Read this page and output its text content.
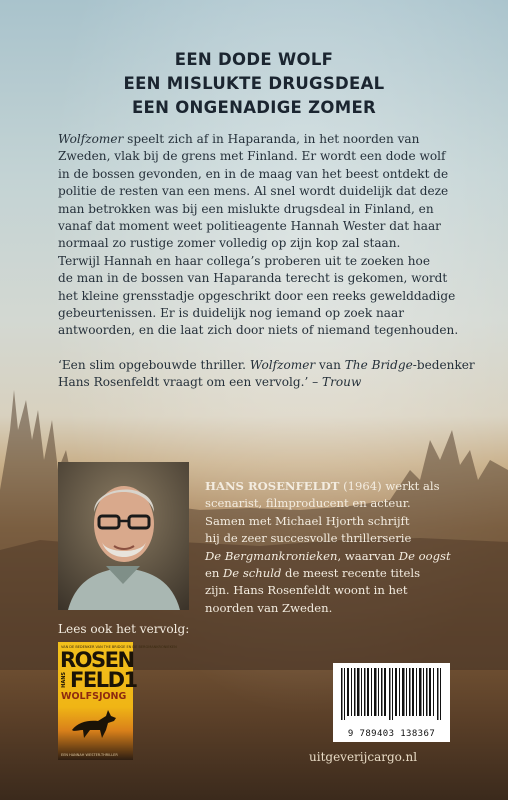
EEN DODE WOLF
EEN MISLUKTE DRUGSDEAL
EEN ONGENADIGE ZOMER
Wolfzomer speelt zich af in Haparanda, in het noorden van
Zweden, vlak bij de grens met Finland. Er wordt een dode wolf
in de bossen gevonden, en in de maag van het beest ontdekt de
politie de resten van een mens. Al snel wordt duidelijk dat deze
man betrokken was bij een mislukte drugsdeal in Finland, en
vanaf dat moment weet politieagente Hannah Wester dat haar
normaal zo rustige zomer volledig op zijn kop zal staan.
Terwijl Hannah en haar collega’s proberen uit te zoeken hoe
de man in de bossen van Haparanda terecht is gekomen, wordt
het kleine grensstadje opgeschrikt door een reeks gewelddadige
gebeurtenissen. Er is duidelijk nog iemand op zoek naar
antwoorden, en die laat zich door niets of niemand tegenhouden.
‘Een slim opgebouwde thriller. Wolfzomer van The Bridge-bedenker
Hans Rosenfeldt vraagt om een vervolg.’ – Trouw
HANS ROSENFELDT (1964) werkt als
scenarist, filmproducent en acteur.
Samen met Michael Hjorth schrijft
hij de zeer succesvolle thrillerserie
De Bergmankronieken, waarvan De oogst
en De schuld de meest recente titels
zijn. Hans Rosenfeldt woont in het
noorden van Zweden.
Lees ook het vervolg:
VAN DE BEDENKER VAN THE BRIDGE EN DE BERGMANKRONIEKEN
ROSEN
HANS FELD1
WOLFSJONG
EEN HANNAH WESTER-THRILLER
9 789403 138367
uitgeverijcargo.nl
